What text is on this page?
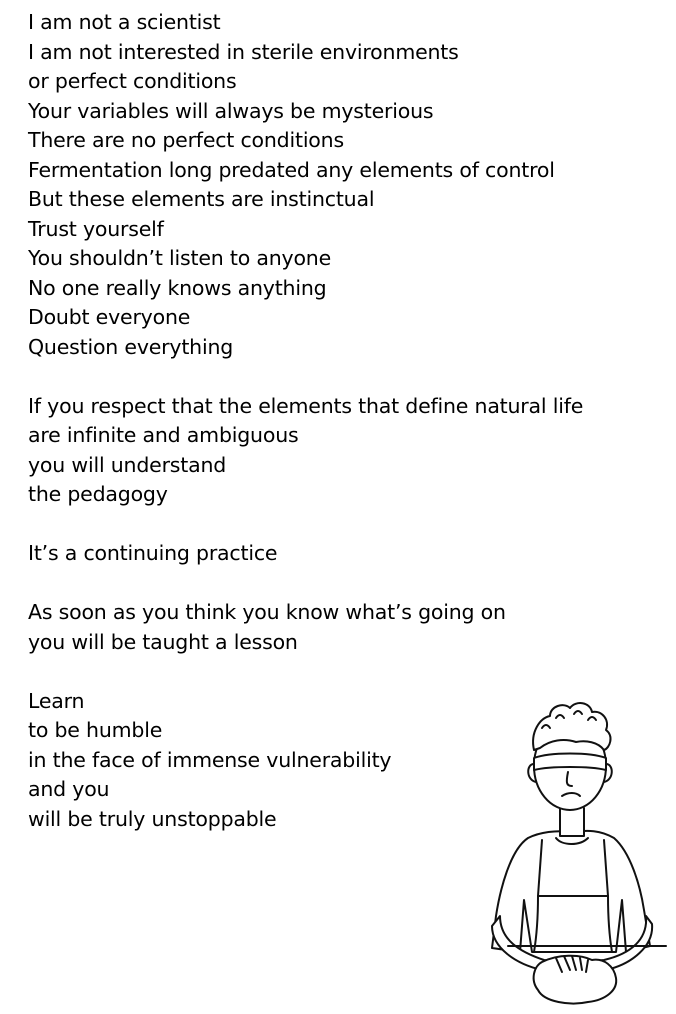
I am not a scientist
I am not interested in sterile environments
or perfect conditions
Your variables will always be mysterious
There are no perfect conditions
Fermentation long predated any elements of control
But these elements are instinctual
Trust yourself
You shouldn’t listen to anyone
No one really knows anything
Doubt everyone
Question everything
If you respect that the elements that define natural life
are infinite and ambiguous
you will understand
the pedagogy
It’s a continuing practice
As soon as you think you know what’s going on
you will be taught a lesson
Learn
to be humble
in the face of immense vulnerability
and you
will be truly unstoppable
